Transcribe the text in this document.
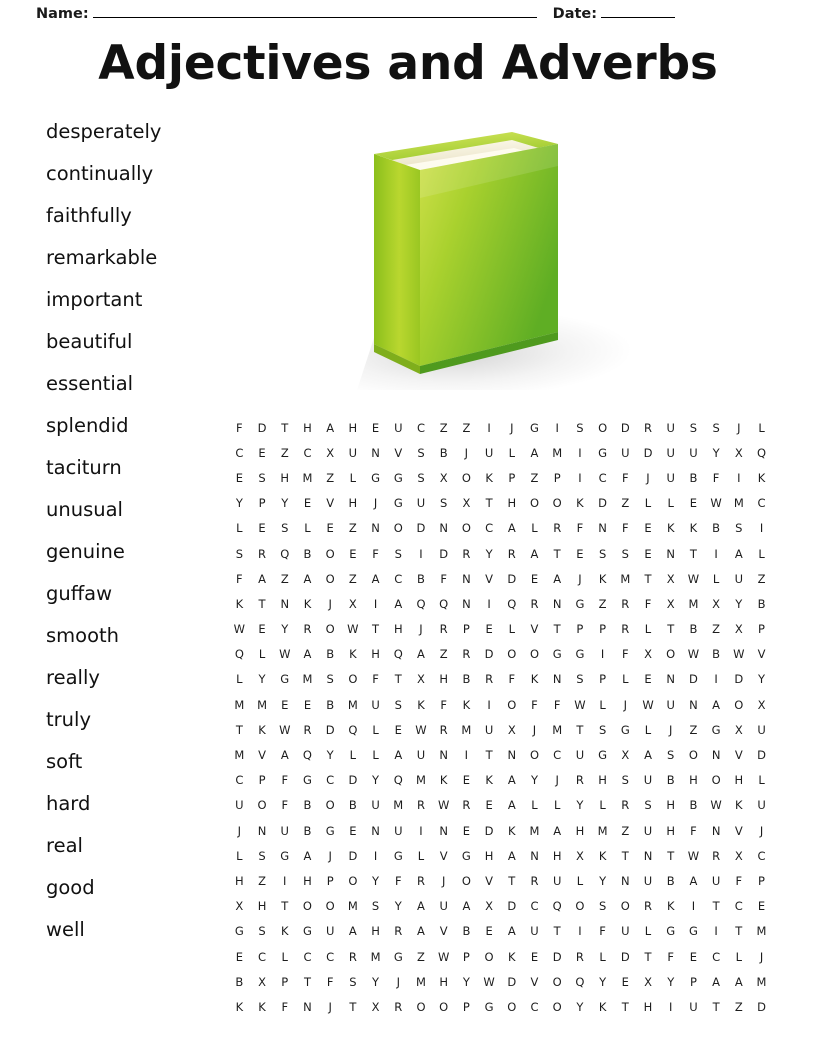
Name:	Date:
Adjectives and Adverbs
desperately
continually
faithfully
remarkable
important
beautiful
essential
splendid
taciturn
unusual
genuine
guffaw
smooth
really
truly
soft
hard
real
good
well
F	D	T	H	A	H	E	U	C	Z	Z	I	J	G	I	S	O	D	R	U	S	S	J	L
C	E	Z	C	X	U	N	V	S	B	J	U	L	A	M	I	G	U	D	U	U	Y	X	Q
E	S	H	M	Z	L	G	G	S	X	O	K	P	Z	P	I	C	F	J	U	B	F	I	K
Y	P	Y	E	V	H	J	G	U	S	X	T	H	O	O	K	D	Z	L	L	E	W	M	C
L	E	S	L	E	Z	N	O	D	N	O	C	A	L	R	F	N	F	E	K	K	B	S	I
S	R	Q	B	O	E	F	S	I	D	R	Y	R	A	T	E	S	S	E	N	T	I	A	L
F	A	Z	A	O	Z	A	C	B	F	N	V	D	E	A	J	K	M	T	X	W	L	U	Z
K	T	N	K	J	X	I	A	Q	Q	N	I	Q	R	N	G	Z	R	F	X	M	X	Y	B
W	E	Y	R	O	W	T	H	J	R	P	E	L	V	T	P	P	R	L	T	B	Z	X	P
Q	L	W	A	B	K	H	Q	A	Z	R	D	O	O	G	G	I	F	X	O	W	B	W	V
L	Y	G	M	S	O	F	T	X	H	B	R	F	K	N	S	P	L	E	N	D	I	D	Y
M	M	E	E	B	M	U	S	K	F	K	I	O	F	F	W	L	J	W	U	N	A	O	X
T	K	W	R	D	Q	L	E	W	R	M	U	X	J	M	T	S	G	L	J	Z	G	X	U
M	V	A	Q	Y	L	L	A	U	N	I	T	N	O	C	U	G	X	A	S	O	N	V	D
C	P	F	G	C	D	Y	Q	M	K	E	K	A	Y	J	R	H	S	U	B	H	O	H	L
U	O	F	B	O	B	U	M	R	W	R	E	A	L	L	Y	L	R	S	H	B	W	K	U
J	N	U	B	G	E	N	U	I	N	E	D	K	M	A	H	M	Z	U	H	F	N	V	J
L	S	G	A	J	D	I	G	L	V	G	H	A	N	H	X	K	T	N	T	W	R	X	C
H	Z	I	H	P	O	Y	F	R	J	O	V	T	R	U	L	Y	N	U	B	A	U	F	P
X	H	T	O	O	M	S	Y	A	U	A	X	D	C	Q	O	S	O	R	K	I	T	C	E
G	S	K	G	U	A	H	R	A	V	B	E	A	U	T	I	F	U	L	G	G	I	T	M
E	C	L	C	C	R	M	G	Z	W	P	O	K	E	D	R	L	D	T	F	E	C	L	J
B	X	P	T	F	S	Y	J	M	H	Y	W	D	V	O	Q	Y	E	X	Y	P	A	A	M
K	K	F	N	J	T	X	R	O	O	P	G	O	C	O	Y	K	T	H	I	U	T	Z	D
